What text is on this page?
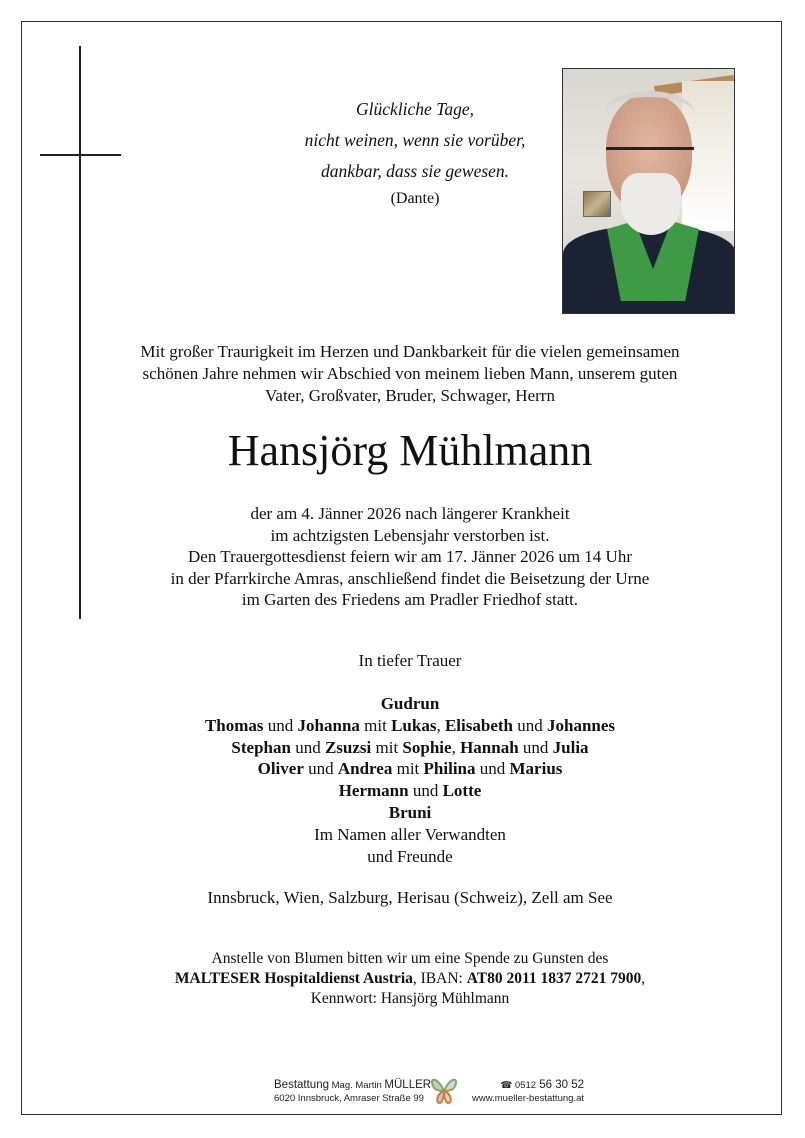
Glückliche Tage,
nicht weinen, wenn sie vorüber,
dankbar, dass sie gewesen.
(Dante)
Mit großer Traurigkeit im Herzen und Dankbarkeit für die vielen gemeinsamen
schönen Jahre nehmen wir Abschied von meinem lieben Mann, unserem guten
Vater, Großvater, Bruder, Schwager, Herrn
Hansjörg Mühlmann
der am 4. Jänner 2026 nach längerer Krankheit
im achtzigsten Lebensjahr verstorben ist.
Den Trauergottesdienst feiern wir am 17. Jänner 2026 um 14 Uhr
in der Pfarrkirche Amras, anschließend findet die Beisetzung der Urne
im Garten des Friedens am Pradler Friedhof statt.
In tiefer Trauer
Gudrun
Thomas und Johanna mit Lukas, Elisabeth und Johannes
Stephan und Zsuzsi mit Sophie, Hannah und Julia
Oliver und Andrea mit Philina und Marius
Hermann und Lotte
Bruni
Im Namen aller Verwandten
und Freunde
Innsbruck, Wien, Salzburg, Herisau (Schweiz), Zell am See
Anstelle von Blumen bitten wir um eine Spende zu Gunsten des
MALTESER Hospitaldienst Austria, IBAN: AT80 2011 1837 2721 7900,
Kennwort: Hansjörg Mühlmann
Bestattung Mag. Martin MÜLLER
6020 Innsbruck, Amraser Straße 99
☎ 0512 56 30 52
www.mueller-bestattung.at
